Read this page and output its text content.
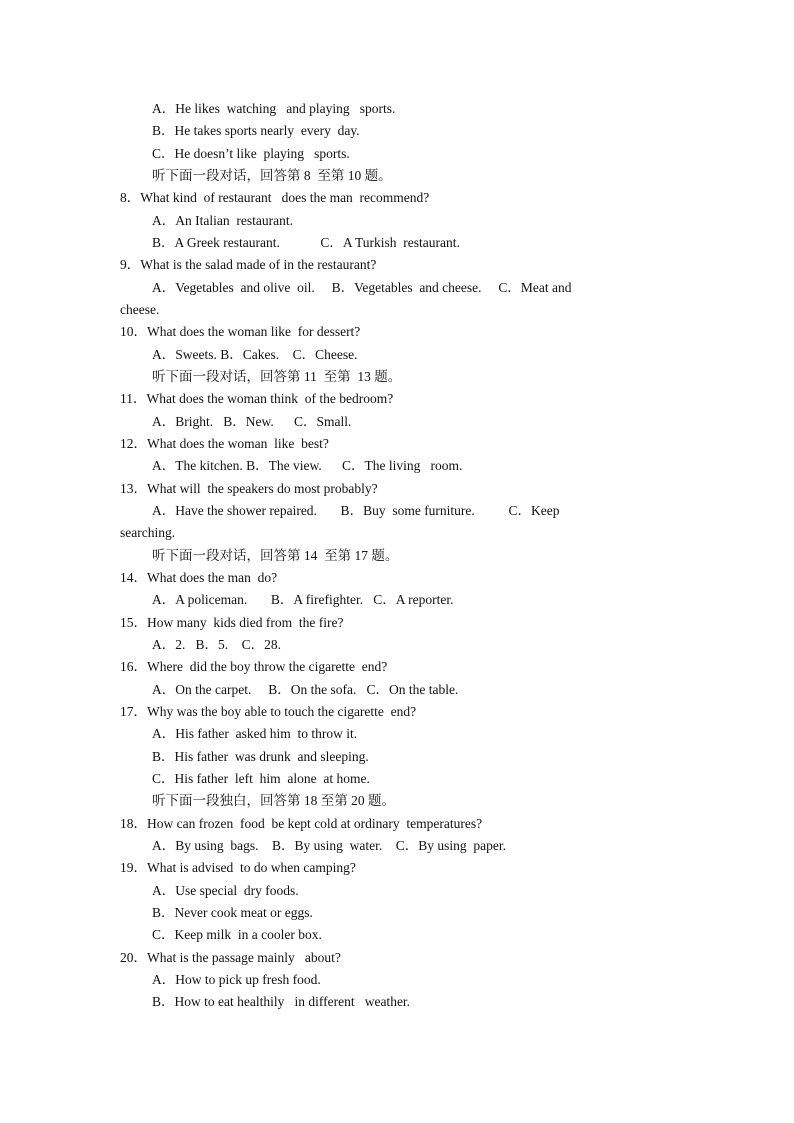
A．He likes  watching   and playing   sports.
B．He takes sports nearly  every  day.
C．He doesn’t like  playing   sports.
听下面一段对话，回答第 8  至第 10 题。
8．What kind  of restaurant   does the man  recommend?
A．An Italian  restaurant.
B．A Greek restaurant.            C．A Turkish  restaurant.
9．What is the salad made of in the restaurant?
A．Vegetables  and olive  oil.     B．Vegetables  and cheese.     C．Meat and
cheese.
10．What does the woman like  for dessert?
A．Sweets. B．Cakes.    C．Cheese.
听下面一段对话，回答第 11  至第  13 题。
11．What does the woman think  of the bedroom?
A．Bright.   B．New.      C．Small.
12．What does the woman  like  best?
A．The kitchen. B．The view.      C．The living   room.
13．What will  the speakers do most probably?
A．Have the shower repaired.       B．Buy  some furniture.          C．Keep
searching.
听下面一段对话，回答第 14  至第 17 题。
14．What does the man  do?
A．A policeman.       B．A firefighter.   C．A reporter.
15．How many  kids died from  the fire?
A．2.   B．5.    C．28.
16．Where  did the boy throw the cigarette  end?
A．On the carpet.     B．On the sofa.   C．On the table.
17．Why was the boy able to touch the cigarette  end?
A．His father  asked him  to throw it.
B．His father  was drunk  and sleeping.
C．His father  left  him  alone  at home.
听下面一段独白，回答第 18 至第 20 题。
18．How can frozen  food  be kept cold at ordinary  temperatures?
A．By using  bags.    B．By using  water.    C．By using  paper.
19．What is advised  to do when camping?
A．Use special  dry foods.
B．Never cook meat or eggs.
C．Keep milk  in a cooler box.
20．What is the passage mainly   about?
A．How to pick up fresh food.
B．How to eat healthily   in different   weather.
